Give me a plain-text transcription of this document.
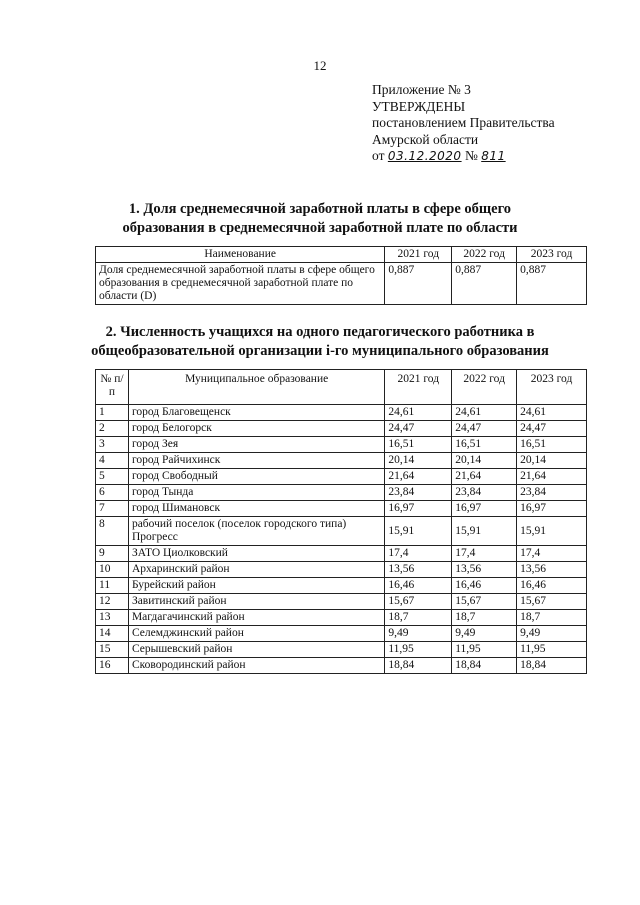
12
Приложение № 3
УТВЕРЖДЕНЫ
постановлением Правительства
Амурской области
от 03.12.2020 № 811
1. Доля среднемесячной заработной платы в сфере общего
образования в среднемесячной заработной плате по области
Наименование	2021 год	2022 год	2023 год
Доля среднемесячной заработной платы в сфере общего образования в среднемесячной заработной плате по области (D)	0,887	0,887	0,887
2. Численность учащихся на одного педагогического работника в
общеобразовательной организации i-го муниципального образования
№ п/п	Муниципальное образование	2021 год	2022 год	2023 год
1	город Благовещенск	24,61	24,61	24,61
2	город Белогорск	24,47	24,47	24,47
3	город Зея	16,51	16,51	16,51
4	город Райчихинск	20,14	20,14	20,14
5	город Свободный	21,64	21,64	21,64
6	город Тында	23,84	23,84	23,84
7	город Шимановск	16,97	16,97	16,97
8	рабочий поселок (поселок городского типа) Прогресс	15,91	15,91	15,91
9	ЗАТО Циолковский	17,4	17,4	17,4
10	Архаринский район	13,56	13,56	13,56
11	Бурейский район	16,46	16,46	16,46
12	Завитинский район	15,67	15,67	15,67
13	Магдагачинский район	18,7	18,7	18,7
14	Селемджинский район	9,49	9,49	9,49
15	Серышевский район	11,95	11,95	11,95
16	Сковородинский район	18,84	18,84	18,84
